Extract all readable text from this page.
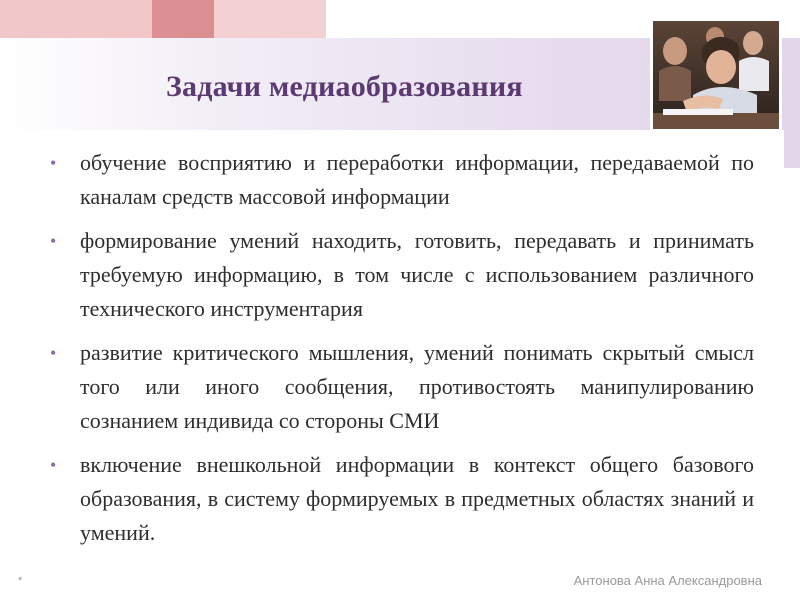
Задачи медиаобразования
•	обучение восприятию и переработки информации, передаваемой по каналам средств массовой информации
•	формирование умений находить, готовить, передавать и принимать требуемую информацию, в том числе с использованием различного технического инструментария
•	развитие критического мышления, умений понимать скрытый смысл того или иного сообщения, противостоять манипулированию сознанием индивида со стороны СМИ
•	включение внешкольной информации в контекст общего базового образования, в систему формируемых в предметных областях знаний и умений.
*	Антонова Анна Александровна
